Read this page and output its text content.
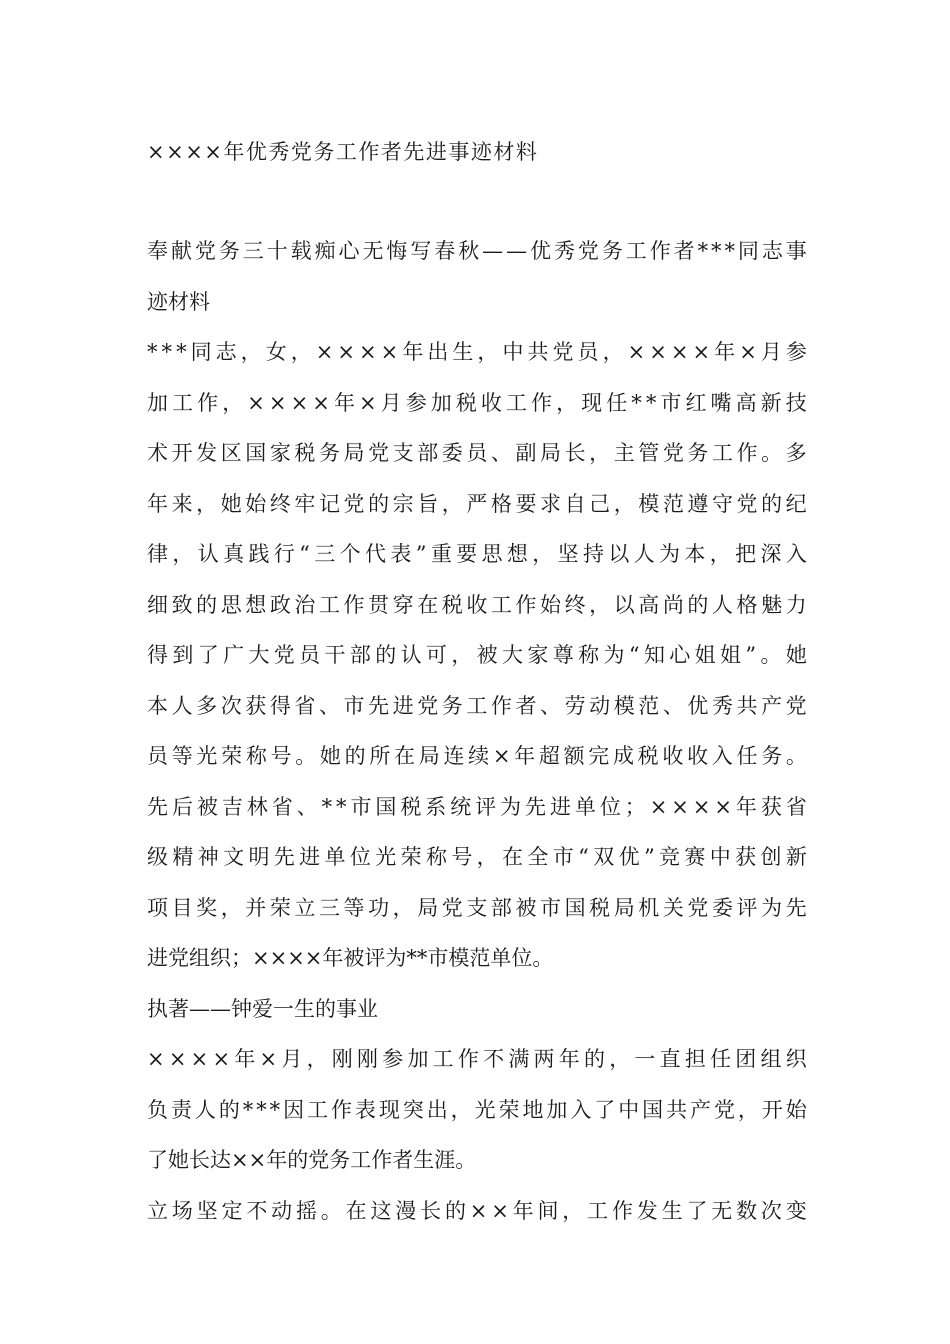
××××年优秀党务工作者先进事迹材料
奉 献 党 务 三 十 载 痴 心 无 悔 写 春 秋 — — 优 秀 党 务 工 作 者 * * * 同 志 事
迹材料
* * * 同 志 ， 女 ， × × × × 年 出 生 ， 中 共 党 员 ， × × × × 年 × 月 参
加 工 作 ， × × × × 年 × 月 参 加 税 收 工 作 ， 现 任 * * 市 红 嘴 高 新 技
术 开 发 区 国 家 税 务 局 党 支 部 委 员 、 副 局 长 ， 主 管 党 务 工 作 。 多
年 来 ， 她 始 终 牢 记 党 的 宗 旨 ， 严 格 要 求 自 己 ， 模 范 遵 守 党 的 纪
律 ， 认 真 践 行 “ 三 个 代 表 ” 重 要 思 想 ， 坚 持 以 人 为 本 ， 把 深 入
细 致 的 思 想 政 治 工 作 贯 穿 在 税 收 工 作 始 终 ， 以 高 尚 的 人 格 魅 力
得 到 了 广 大 党 员 干 部 的 认 可 ， 被 大 家 尊 称 为 “ 知 心 姐 姐 ” 。 她
本 人 多 次 获 得 省 、 市 先 进 党 务 工 作 者 、 劳 动 模 范 、 优 秀 共 产 党
员 等 光 荣 称 号 。 她 的 所 在 局 连 续 × 年 超 额 完 成 税 收 收 入 任 务 。
先 后 被 吉 林 省 、 * * 市 国 税 系 统 评 为 先 进 单 位 ； × × × × 年 获 省
级 精 神 文 明 先 进 单 位 光 荣 称 号 ， 在 全 市 “ 双 优 ” 竞 赛 中 获 创 新
项 目 奖 ， 并 荣 立 三 等 功 ， 局 党 支 部 被 市 国 税 局 机 关 党 委 评 为 先
进党组织；××××年被评为**市模范单位。
执著——钟爱一生的事业
× × × × 年 × 月 ， 刚 刚 参 加 工 作 不 满 两 年 的 ， 一 直 担 任 团 组 织
负 责 人 的 * * * 因 工 作 表 现 突 出 ， 光 荣 地 加 入 了 中 国 共 产 党 ， 开 始
了她长达××年的党务工作者生涯。
立 场 坚 定 不 动 摇 。 在 这 漫 长 的 × × 年 间 ， 工 作 发 生 了 无 数 次 变
